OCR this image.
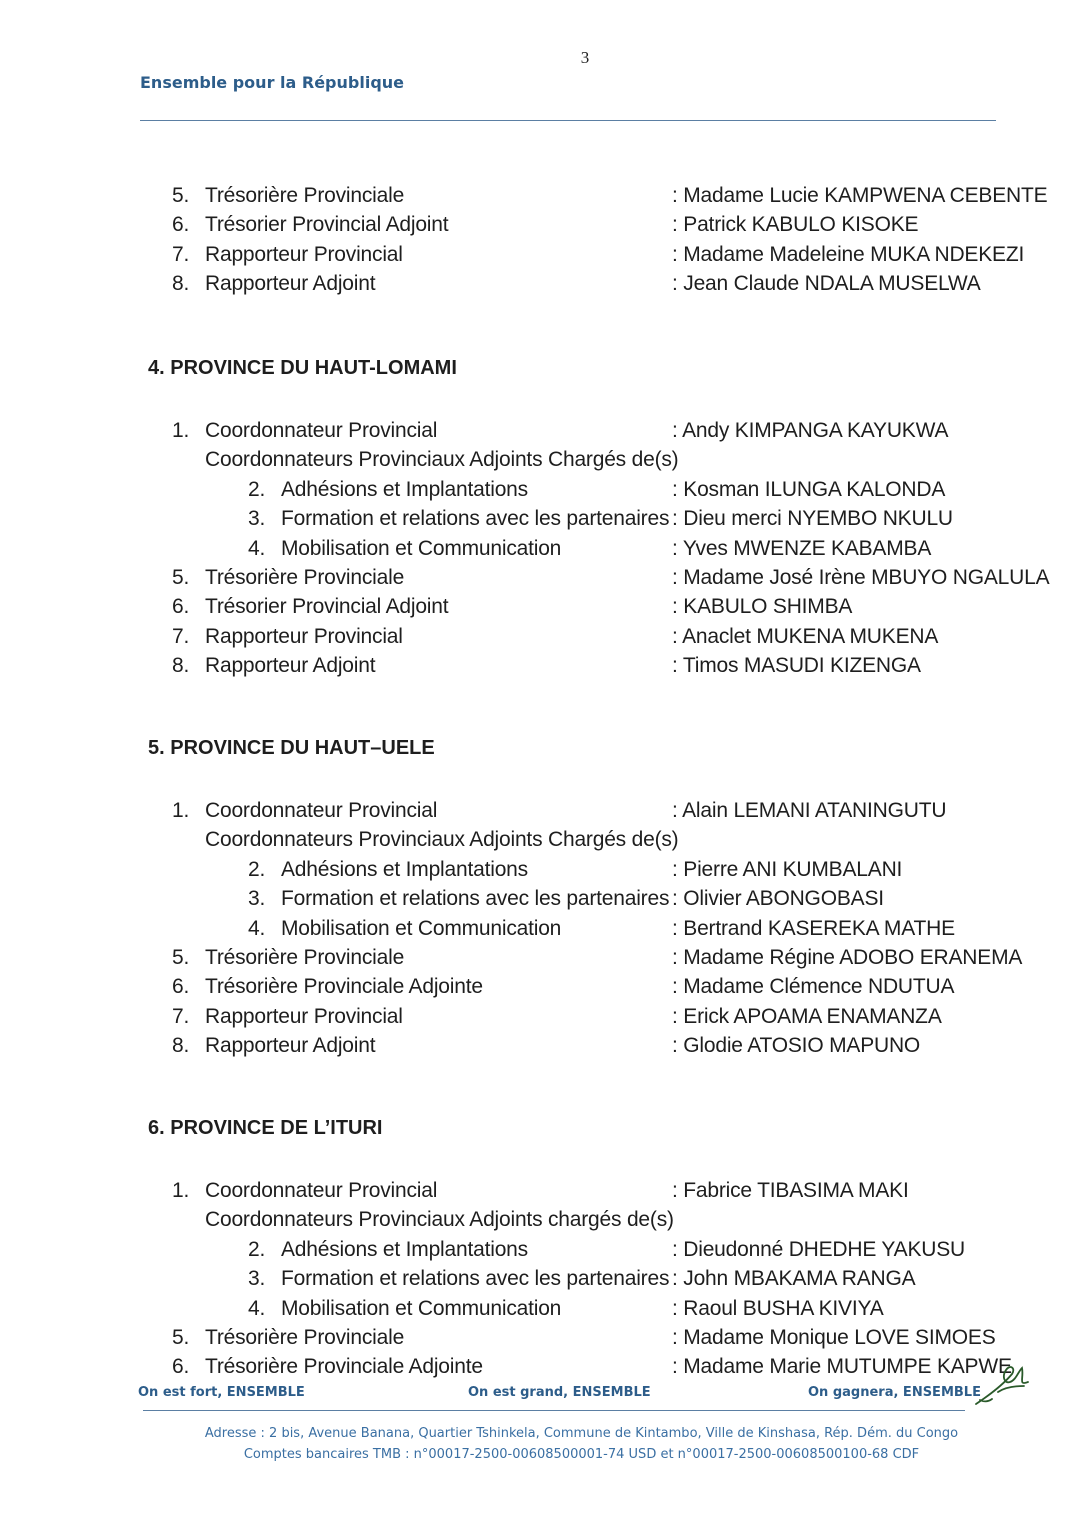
3
Ensemble pour la République
5. Trésorière Provinciale	: Madame Lucie KAMPWENA CEBENTE
6. Trésorier Provincial Adjoint	: Patrick KABULO KISOKE
7. Rapporteur Provincial	: Madame Madeleine MUKA NDEKEZI
8. Rapporteur Adjoint	: Jean Claude NDALA MUSELWA
4. PROVINCE DU HAUT-LOMAMI
1. Coordonnateur Provincial	: Andy KIMPANGA KAYUKWA
Coordonnateurs Provinciaux Adjoints Chargés de(s)
2. Adhésions et Implantations	: Kosman ILUNGA KALONDA
3. Formation et relations avec les partenaires : Dieu merci NYEMBO NKULU
4. Mobilisation et Communication	: Yves MWENZE KABAMBA
5. Trésorière Provinciale	: Madame José Irène MBUYO NGALULA
6. Trésorier Provincial Adjoint	: KABULO SHIMBA
7. Rapporteur Provincial	: Anaclet MUKENA MUKENA
8. Rapporteur Adjoint	: Timos MASUDI KIZENGA
5. PROVINCE DU HAUT–UELE
1. Coordonnateur Provincial	: Alain LEMANI ATANINGUTU
Coordonnateurs Provinciaux Adjoints Chargés de(s)
2. Adhésions et Implantations	: Pierre ANI KUMBALANI
3. Formation et relations avec les partenaires : Olivier ABONGOBASI
4. Mobilisation et Communication	: Bertrand KASEREKA MATHE
5. Trésorière Provinciale	: Madame Régine ADOBO ERANEMA
6. Trésorière Provinciale Adjointe	: Madame Clémence NDUTUA
7. Rapporteur Provincial	: Erick APOAMA ENAMANZA
8. Rapporteur Adjoint	: Glodie ATOSIO MAPUNO
6. PROVINCE DE L’ITURI
1. Coordonnateur Provincial	: Fabrice TIBASIMA MAKI
Coordonnateurs Provinciaux Adjoints chargés de(s)
2. Adhésions et Implantations	: Dieudonné DHEDHE YAKUSU
3. Formation et relations avec les partenaires : John MBAKAMA RANGA
4. Mobilisation et Communication	: Raoul BUSHA KIVIYA
5. Trésorière Provinciale	: Madame Monique LOVE SIMOES
6. Trésorière Provinciale Adjointe	: Madame Marie MUTUMPE KAPWE
On est fort, ENSEMBLE	On est grand, ENSEMBLE	On gagnera, ENSEMBLE
Adresse : 2 bis, Avenue Banana, Quartier Tshinkela, Commune de Kintambo, Ville de Kinshasa, Rép. Dém. du Congo
Comptes bancaires TMB : n°00017-2500-00608500001-74 USD et n°00017-2500-00608500100-68 CDF
